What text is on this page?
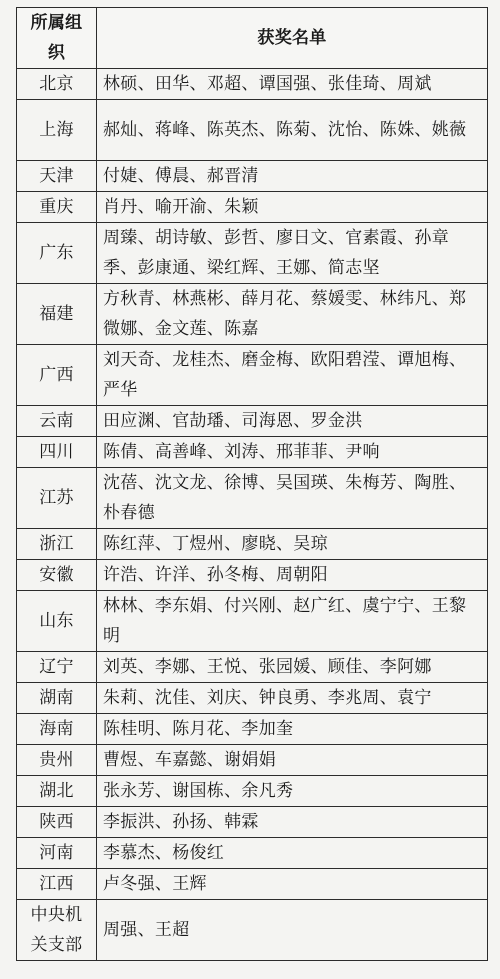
所属组织	获奖名单
北京	林硕、田华、邓超、谭国强、张佳琦、周斌
上海	郝灿、蒋峰、陈英杰、陈菊、沈怡、陈姝、姚薇
天津	付婕、傅晨、郝晋清
重庆	肖丹、喻开渝、朱颖
广东	周臻、胡诗敏、彭哲、廖日文、官素霞、孙章季、彭康通、梁红辉、王娜、简志坚
福建	方秋青、林燕彬、薛月花、蔡媛雯、林纬凡、郑微娜、金文莲、陈嘉
广西	刘天奇、龙桂杰、磨金梅、欧阳碧滢、谭旭梅、严华
云南	田应渊、官劼璠、司海恩、罗金洪
四川	陈倩、高善峰、刘涛、邢菲菲、尹响
江苏	沈蓓、沈文龙、徐博、吴国瑛、朱梅芳、陶胜、朴春德
浙江	陈红萍、丁煜州、廖晓、吴琼
安徽	许浩、许洋、孙冬梅、周朝阳
山东	林林、李东娟、付兴刚、赵广红、虞宁宁、王黎明
辽宁	刘英、李娜、王悦、张园媛、顾佳、李阿娜
湖南	朱莉、沈佳、刘庆、钟良勇、李兆周、袁宁
海南	陈桂明、陈月花、李加奎
贵州	曹煜、车嘉懿、谢娟娟
湖北	张永芳、谢国栋、余凡秀
陕西	李振洪、孙扬、韩霖
河南	李慕杰、杨俊红
江西	卢冬强、王辉
中央机关支部	周强、王超
